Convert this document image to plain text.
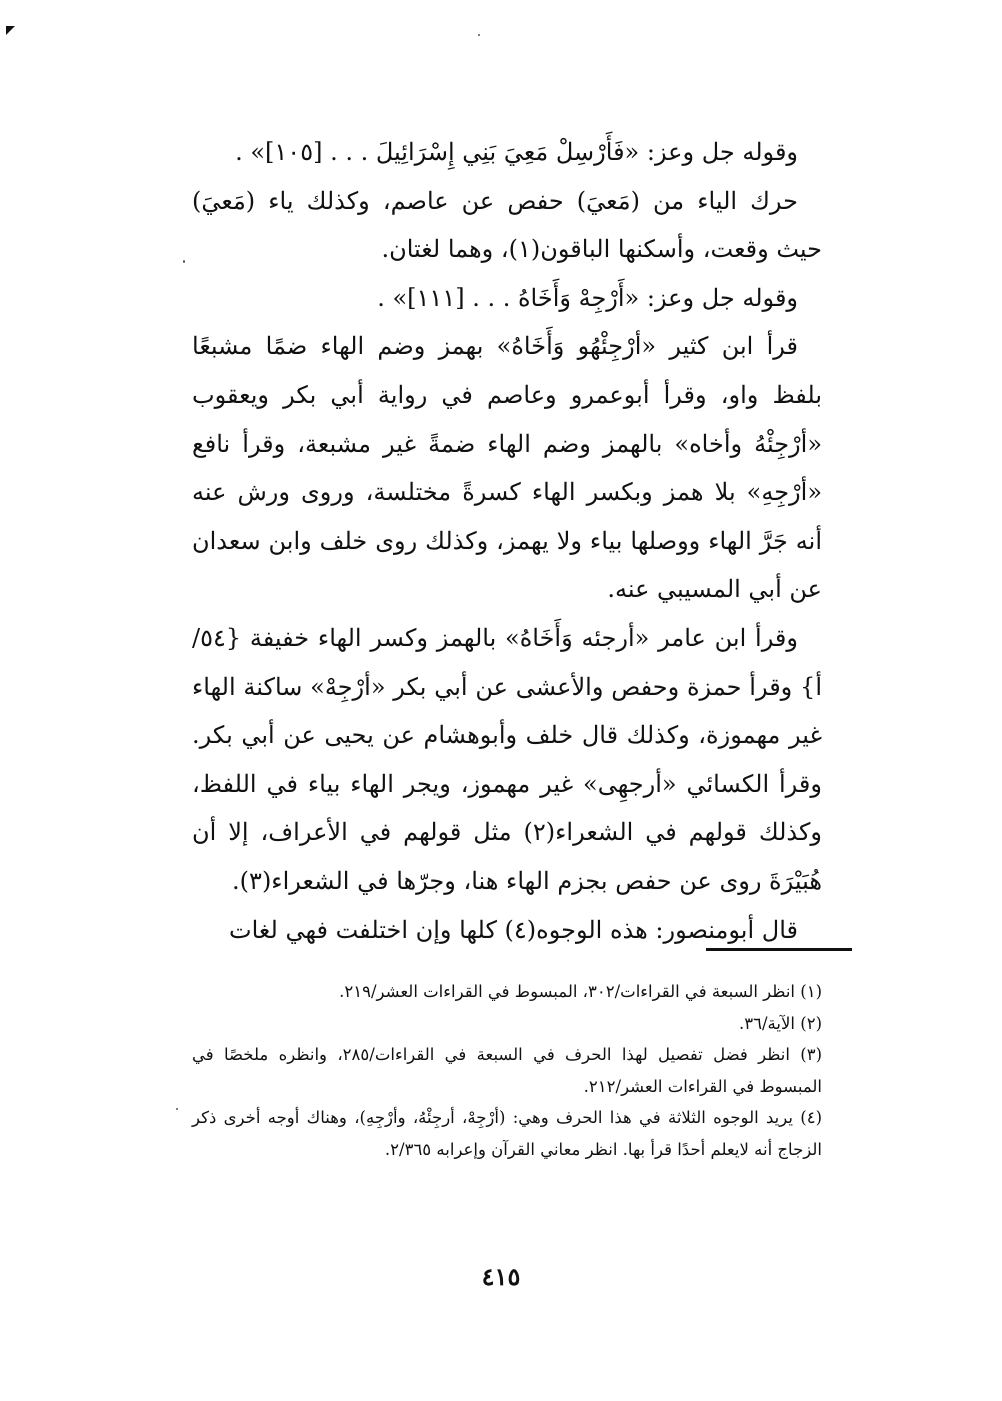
وقوله جل وعز: «فَأَرْسِلْ مَعِيَ بَنِي إِسْرَائِيلَ . . . [١٠٥]» .

حرك الياء من (مَعيَ) حفص عن عاصم، وكذلك ياء (مَعيَ) حيث وقعت، وأسكنها الباقون(١)، وهما لغتان.

وقوله جل وعز: «أَرْجِهْ وَأَخَاهُ . . . [١١١]» .

قرأ ابن كثير «أرْجِئْهُو وَأَخَاهُ» بهمز وضم الهاء ضمًا مشبعًا بلفظ واو، وقرأ أبوعمرو وعاصم في رواية أبي بكر ويعقوب «أرْجِئْهُ وأخاه» بالهمز وضم الهاء ضمةً غير مشبعة، وقرأ نافع «أرْجِهِ» بلا همز وبكسر الهاء كسرةً مختلسة، وروى ورش عنه أنه جَرَّ الهاء ووصلها بياء ولا يهمز، وكذلك روى خلف وابن سعدان عن أبي المسيبي عنه.

وقرأ ابن عامر «أرجئه وَأَخَاهُ» بالهمز وكسر الهاء خفيفة {٥٤/أ} وقرأ حمزة وحفص والأعشى عن أبي بكر «أرْجِهْ» ساكنة الهاء غير مهموزة، وكذلك قال خلف وأبوهشام عن يحيى عن أبي بكر. وقرأ الكسائي «أرجهِى» غير مهموز، ويجر الهاء بياء في اللفظ، وكذلك قولهم في الشعراء(٢) مثل قولهم في الأعراف، إلا أن هُبَيْرَةَ روى عن حفص بجزم الهاء هنا، وجرّها في الشعراء(٣).

قال أبومنصور: هذه الوجوه(٤) كلها وإن اختلفت فهي لغات

(١) انظر السبعة في القراءات/٣٠٢، المبسوط في القراءات العشر/٢١٩.

(٢) الآية/٣٦.

(٣) انظر فضل تفصيل لهذا الحرف في السبعة في القراءات/٢٨٥، وانظره ملخصًا في المبسوط في القراءات العشر/٢١٢.

(٤) يريد الوجوه الثلاثة في هذا الحرف وهي: (أرْجِهْ، أرجِئْهُ، وأرْجِهِ)، وهناك أوجه أخرى ذكر الزجاج أنه لايعلم أحدًا قرأ بها. انظر معاني القرآن وإعرابه ٢/٣٦٥.

٤١٥
